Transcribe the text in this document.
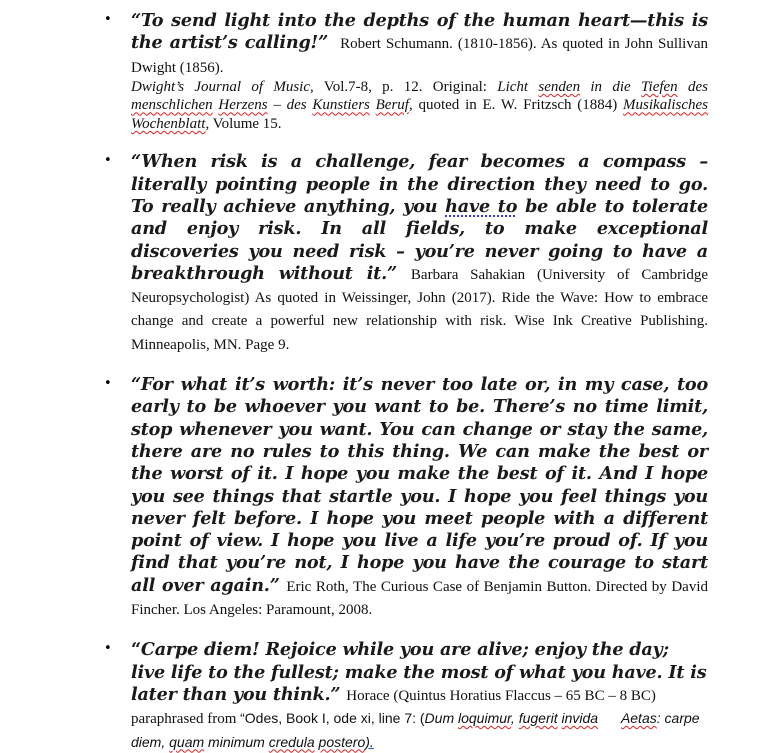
• “To send light into the depths of the human heart—this is the artist’s calling!” Robert Schumann. (1810-1856). As quoted in John Sullivan Dwight (1856).
Dwight’s Journal of Music, Vol.7-8, p. 12. Original: Licht senden in die Tiefen des menschlichen Herzens – des Kunstiers Beruf, quoted in E. W. Fritzsch (1884) Musikalisches Wochenblatt, Volume 15.
• “When risk is a challenge, fear becomes a compass – literally pointing people in the direction they need to go. To really achieve anything, you have to be able to tolerate and enjoy risk. In all fields, to make exceptional discoveries you need risk – you’re never going to have a breakthrough without it.” Barbara Sahakian (University of Cambridge Neuropsychologist) As quoted in Weissinger, John (2017). Ride the Wave: How to embrace change and create a powerful new relationship with risk. Wise Ink Creative Publishing. Minneapolis, MN. Page 9.
• “For what it’s worth: it’s never too late or, in my case, too early to be whoever you want to be. There’s no time limit, stop whenever you want. You can change or stay the same, there are no rules to this thing. We can make the best or the worst of it. I hope you make the best of it. And I hope you see things that startle you. I hope you feel things you never felt before. I hope you meet people with a different point of view. I hope you live a life you’re proud of. If you find that you’re not, I hope you have the courage to start all over again.” Eric Roth, The Curious Case of Benjamin Button. Directed by David Fincher. Los Angeles: Paramount, 2008.
• “Carpe diem! Rejoice while you are alive; enjoy the day; live life to the fullest; make the most of what you have. It is later than you think.” Horace (Quintus Horatius Flaccus – 65 BC – 8 BC) paraphrased from “Odes, Book I, ode xi, line 7: (Dum loquimur, fugerit invida Aetas: carpe diem, quam minimum credula postero).
